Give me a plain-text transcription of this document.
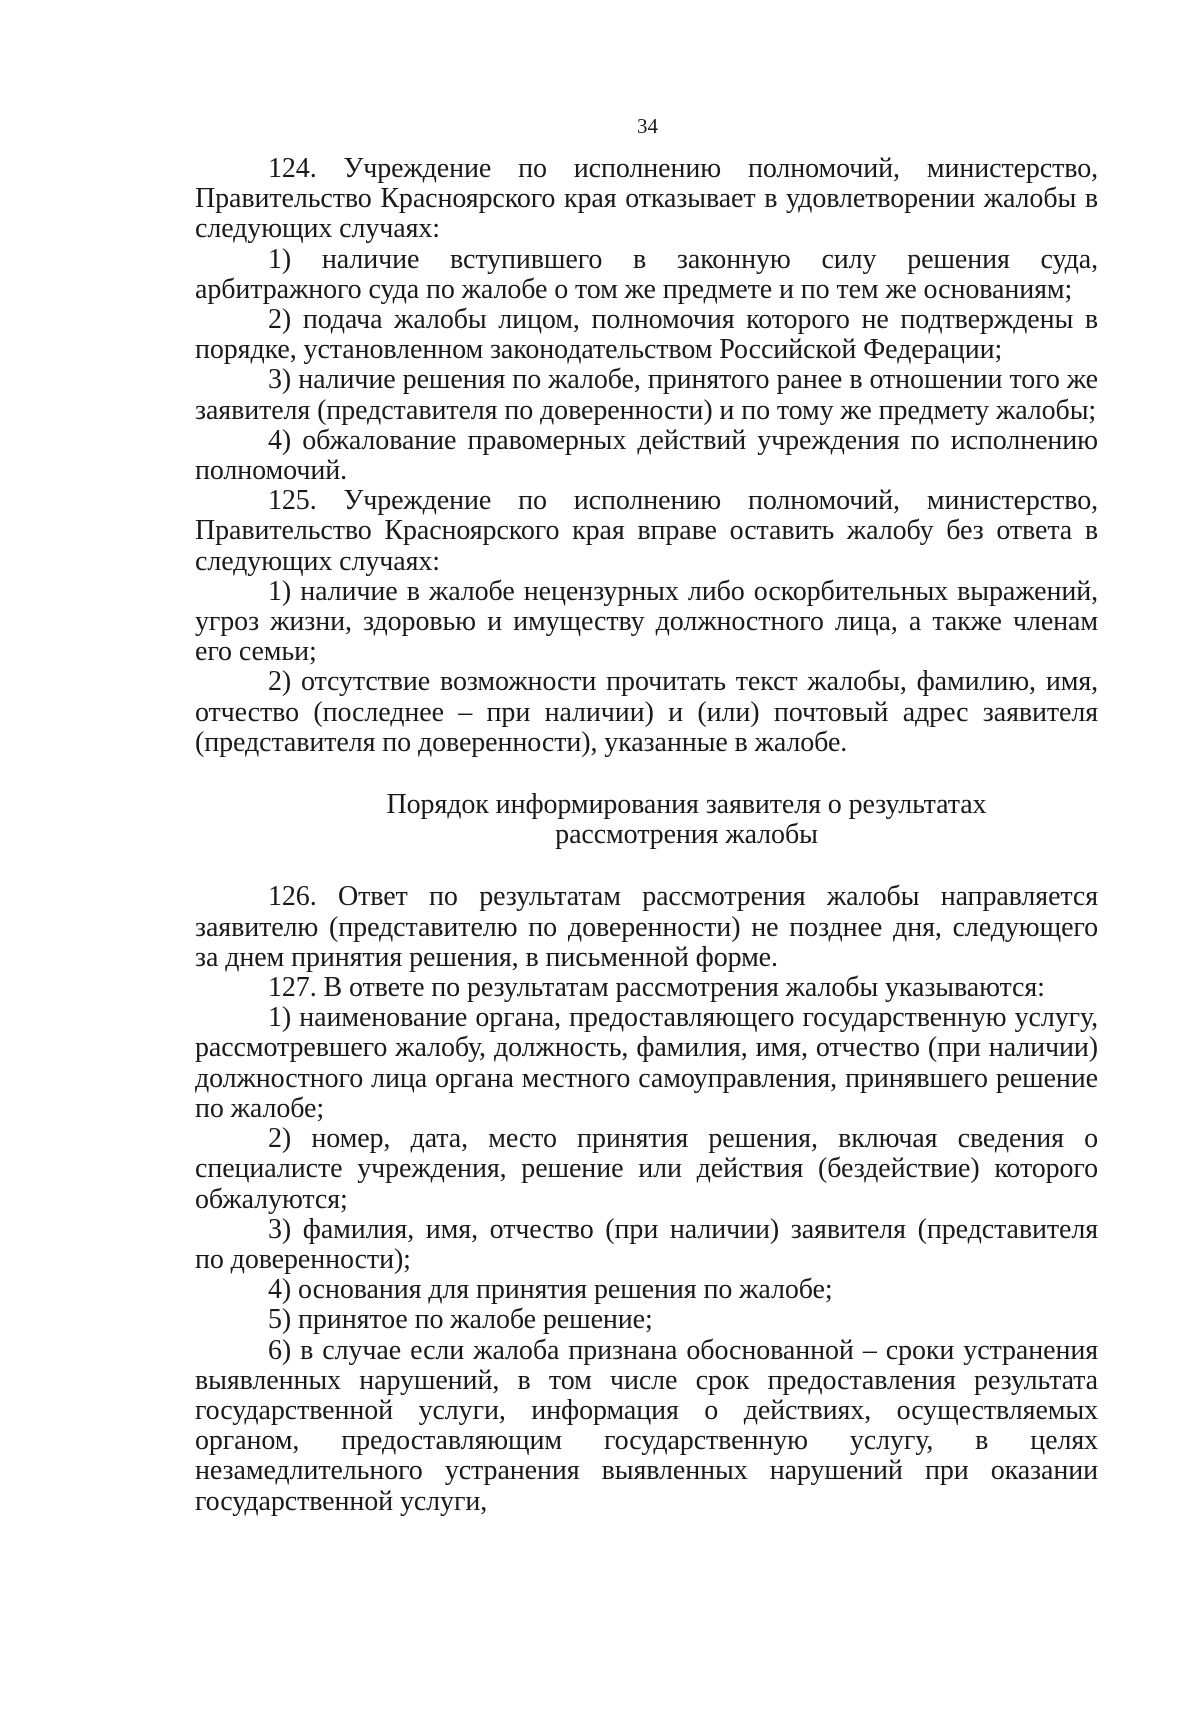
34

124. Учреждение по исполнению полномочий, министерство, Правительство Красноярского края отказывает в удовлетворении жалобы в следующих случаях:

1) наличие вступившего в законную силу решения суда, арбитражного суда по жалобе о том же предмете и по тем же основаниям;

2) подача жалобы лицом, полномочия которого не подтверждены в порядке, установленном законодательством Российской Федерации;

3) наличие решения по жалобе, принятого ранее в отношении того же заявителя (представителя по доверенности) и по тому же предмету жалобы;

4) обжалование правомерных действий учреждения по исполнению полномочий.

125. Учреждение по исполнению полномочий, министерство, Правительство Красноярского края вправе оставить жалобу без ответа в следующих случаях:

1) наличие в жалобе нецензурных либо оскорбительных выражений, угроз жизни, здоровью и имуществу должностного лица, а также членам его семьи;

2) отсутствие возможности прочитать текст жалобы, фамилию, имя, отчество (последнее – при наличии) и (или) почтовый адрес заявителя (представителя по доверенности), указанные в жалобе.

Порядок информирования заявителя о результатах
рассмотрения жалобы

126. Ответ по результатам рассмотрения жалобы направляется заявителю (представителю по доверенности) не позднее дня, следующего за днем принятия решения, в письменной форме.

127. В ответе по результатам рассмотрения жалобы указываются:

1) наименование органа, предоставляющего государственную услугу, рассмотревшего жалобу, должность, фамилия, имя, отчество (при наличии) должностного лица органа местного самоуправления, принявшего решение по жалобе;

2) номер, дата, место принятия решения, включая сведения о специалисте учреждения, решение или действия (бездействие) которого обжалуются;

3) фамилия, имя, отчество (при наличии) заявителя (представителя по доверенности);

4) основания для принятия решения по жалобе;

5) принятое по жалобе решение;

6) в случае если жалоба признана обоснованной – сроки устранения выявленных нарушений, в том числе срок предоставления результата государственной услуги, информация о действиях, осуществляемых органом, предоставляющим государственную услугу, в целях незамедлительного устранения выявленных нарушений при оказании государственной услуги,
